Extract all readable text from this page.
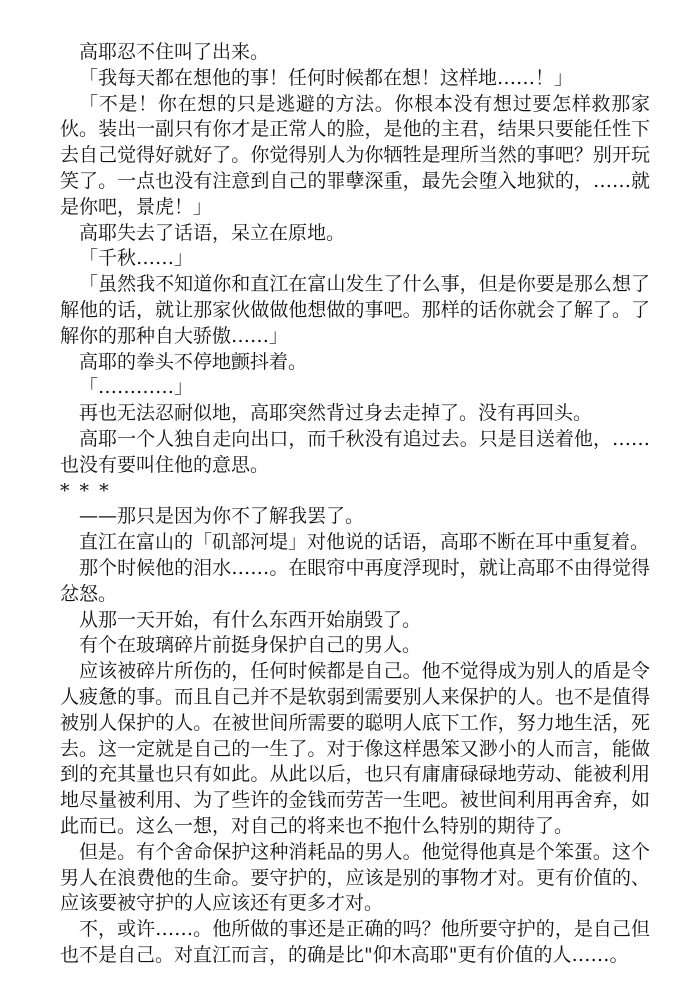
高耶忍不住叫了出来。

「我每天都在想他的事！任何时候都在想！这样地……！」

「不是！你在想的只是逃避的方法。你根本没有想过要怎样救那家伙。装出一副只有你才是正常人的脸，是他的主君，结果只要能任性下去自己觉得好就好了。你觉得别人为你牺牲是理所当然的事吧？别开玩笑了。一点也没有注意到自己的罪孽深重，最先会堕入地狱的，……就是你吧，景虎！」

高耶失去了话语，呆立在原地。

「千秋……」

「虽然我不知道你和直江在富山发生了什么事，但是你要是那么想了解他的话，就让那家伙做做他想做的事吧。那样的话你就会了解了。了解你的那种自大骄傲……」

高耶的拳头不停地颤抖着。

「…………」

再也无法忍耐似地，高耶突然背过身去走掉了。没有再回头。

高耶一个人独自走向出口，而千秋没有追过去。只是目送着他，……也没有要叫住他的意思。

* * *

——那只是因为你不了解我罢了。

直江在富山的「矶部河堤」对他说的话语，高耶不断在耳中重复着。

那个时候他的泪水……。在眼帘中再度浮现时，就让高耶不由得觉得忿怒。

从那一天开始，有什么东西开始崩毁了。

有个在玻璃碎片前挺身保护自己的男人。

应该被碎片所伤的，任何时候都是自己。他不觉得成为别人的盾是令人疲惫的事。而且自己并不是软弱到需要别人来保护的人。也不是值得被别人保护的人。在被世间所需要的聪明人底下工作，努力地生活，死去。这一定就是自己的一生了。对于像这样愚笨又渺小的人而言，能做到的充其量也只有如此。从此以后，也只有庸庸碌碌地劳动、能被利用地尽量被利用、为了些许的金钱而劳苦一生吧。被世间利用再舍弃，如此而已。这么一想，对自己的将来也不抱什么特别的期待了。

但是。有个舍命保护这种消耗品的男人。他觉得他真是个笨蛋。这个男人在浪费他的生命。要守护的，应该是别的事物才对。更有价值的、应该要被守护的人应该还有更多才对。

不，或许……。他所做的事还是正确的吗？他所要守护的，是自己但也不是自己。对直江而言，的确是比"仰木高耶"更有价值的人……。
